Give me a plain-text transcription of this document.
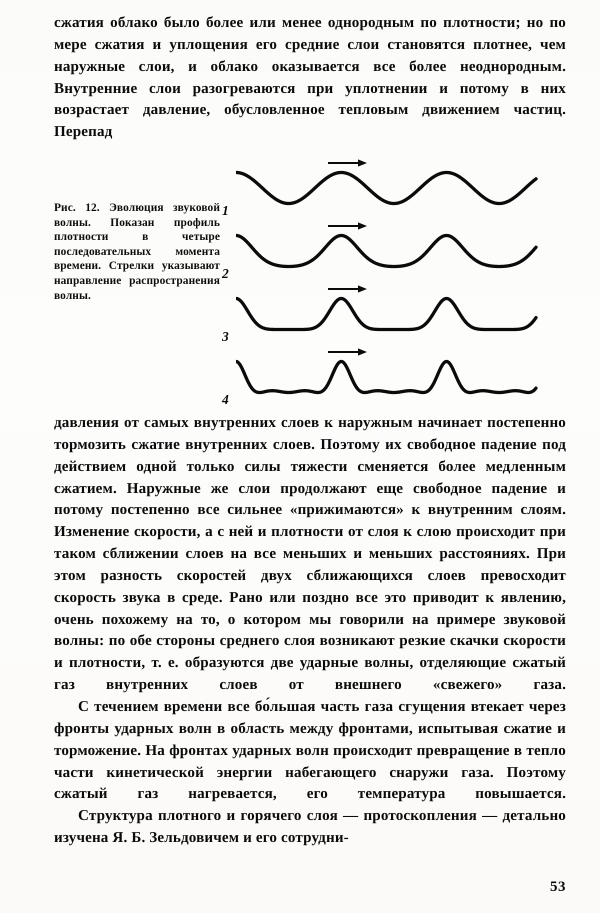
сжатия облако было более или менее однородным по плотности; но по мере сжатия и уплощения его средние слои становятся плотнее, чем наружные слои, и облако оказывается все более неоднородным. Внутренние слои разогреваются при уплотнении и потому в них возрастает давление, обусловленное тепловым движением частиц. Перепад

Рис. 12. Эволюция звуковой волны. Показан профиль плотности в четыре последовательных момента времени. Стрелки указывают направление распространения волны.
1
2
3
4

давления от самых внутренних слоев к наружным начинает постепенно тормозить сжатие внутренних слоев. Поэтому их свободное падение под действием одной только силы тяжести сменяется более медленным сжатием. Наружные же слои продолжают еще свободное падение и потому постепенно все сильнее «прижимаются» к внутренним слоям. Изменение скорости, а с ней и плотности от слоя к слою происходит при таком сближении слоев на все меньших и меньших расстояниях. При этом разность скоростей двух сближающихся слоев превосходит скорость звука в среде. Рано или поздно все это приводит к явлению, очень похожему на то, о котором мы говорили на примере звуковой волны: по обе стороны среднего слоя возникают резкие скачки скорости и плотности, т. е. образуются две ударные волны, отделяющие сжатый газ внутренних слоев от внешнего «свежего» газа.

С течением времени все бо́льшая часть газа сгущения втекает через фронты ударных волн в область между фронтами, испытывая сжатие и торможение. На фронтах ударных волн происходит превращение в тепло части кинетической энергии набегающего снаружи газа. Поэтому сжатый газ нагревается, его температура повышается.

Структура плотного и горячего слоя — протоскопления — детально изучена Я. Б. Зельдовичем и его сотрудни-

53
